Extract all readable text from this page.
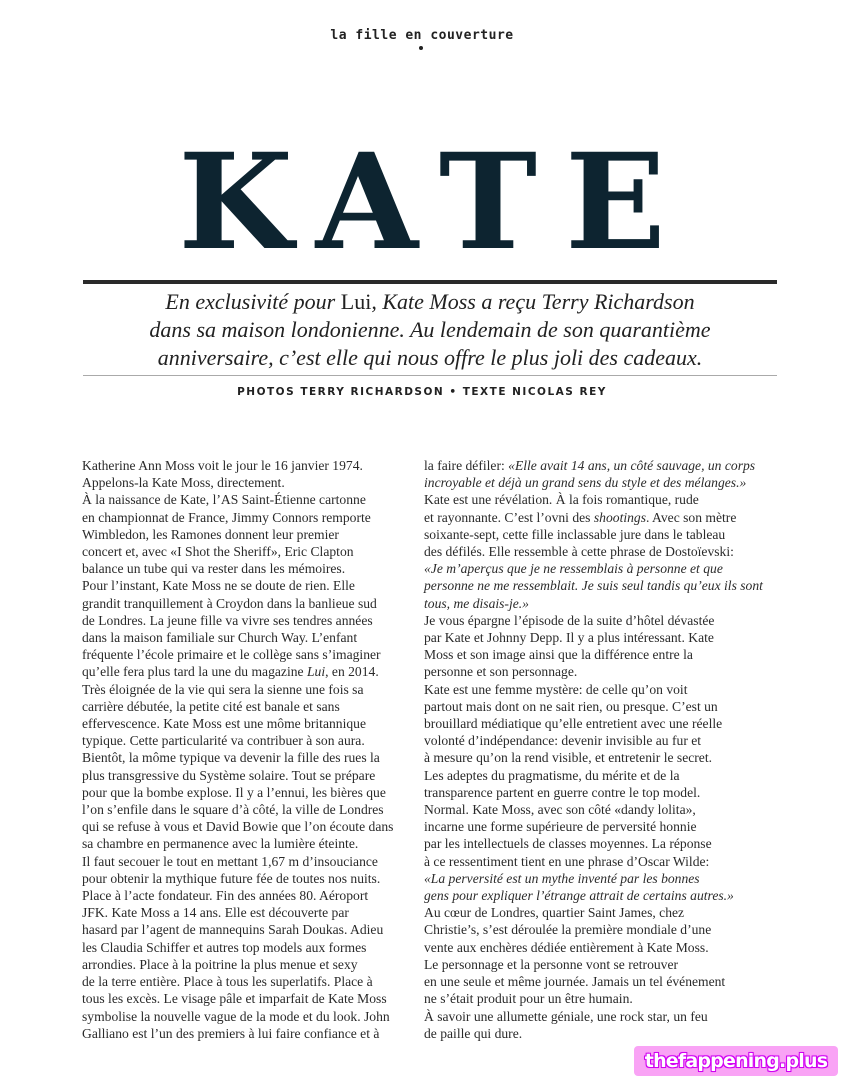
la fille en couverture
KATE
En exclusivité pour Lui, Kate Moss a reçu Terry Richardson
dans sa maison londonienne. Au lendemain de son quarantième
anniversaire, c’est elle qui nous offre le plus joli des cadeaux.
PHOTOS TERRY RICHARDSON • TEXTE NICOLAS REY
Katherine Ann Moss voit le jour le 16 janvier 1974.
Appelons-la Kate Moss, directement.
À la naissance de Kate, l’AS Saint-Étienne cartonne
en championnat de France, Jimmy Connors remporte
Wimbledon, les Ramones donnent leur premier
concert et, avec «I Shot the Sheriff», Eric Clapton
balance un tube qui va rester dans les mémoires.
Pour l’instant, Kate Moss ne se doute de rien. Elle
grandit tranquillement à Croydon dans la banlieue sud
de Londres. La jeune fille va vivre ses tendres années
dans la maison familiale sur Church Way. L’enfant
fréquente l’école primaire et le collège sans s’imaginer
qu’elle fera plus tard la une du magazine Lui, en 2014.
Très éloignée de la vie qui sera la sienne une fois sa
carrière débutée, la petite cité est banale et sans
effervescence. Kate Moss est une môme britannique
typique. Cette particularité va contribuer à son aura.
Bientôt, la môme typique va devenir la fille des rues la
plus transgressive du Système solaire. Tout se prépare
pour que la bombe explose. Il y a l’ennui, les bières que
l’on s’enfile dans le square d’à côté, la ville de Londres
qui se refuse à vous et David Bowie que l’on écoute dans
sa chambre en permanence avec la lumière éteinte.
Il faut secouer le tout en mettant 1,67 m d’insouciance
pour obtenir la mythique future fée de toutes nos nuits.
Place à l’acte fondateur. Fin des années 80. Aéroport
JFK. Kate Moss a 14 ans. Elle est découverte par
hasard par l’agent de mannequins Sarah Doukas. Adieu
les Claudia Schiffer et autres top models aux formes
arrondies. Place à la poitrine la plus menue et sexy
de la terre entière. Place à tous les superlatifs. Place à
tous les excès. Le visage pâle et imparfait de Kate Moss
symbolise la nouvelle vague de la mode et du look. John
Galliano est l’un des premiers à lui faire confiance et à
la faire défiler: «Elle avait 14 ans, un côté sauvage, un corps
incroyable et déjà un grand sens du style et des mélanges.»
Kate est une révélation. À la fois romantique, rude
et rayonnante. C’est l’ovni des shootings. Avec son mètre
soixante-sept, cette fille inclassable jure dans le tableau
des défilés. Elle ressemble à cette phrase de Dostoïevski:
«Je m’aperçus que je ne ressemblais à personne et que
personne ne me ressemblait. Je suis seul tandis qu’eux ils sont
tous, me disais-je.»
Je vous épargne l’épisode de la suite d’hôtel dévastée
par Kate et Johnny Depp. Il y a plus intéressant. Kate
Moss et son image ainsi que la différence entre la
personne et son personnage.
Kate est une femme mystère: de celle qu’on voit
partout mais dont on ne sait rien, ou presque. C’est un
brouillard médiatique qu’elle entretient avec une réelle
volonté d’indépendance: devenir invisible au fur et
à mesure qu’on la rend visible, et entretenir le secret.
Les adeptes du pragmatisme, du mérite et de la
transparence partent en guerre contre le top model.
Normal. Kate Moss, avec son côté «dandy lolita»,
incarne une forme supérieure de perversité honnie
par les intellectuels de classes moyennes. La réponse
à ce ressentiment tient en une phrase d’Oscar Wilde:
«La perversité est un mythe inventé par les bonnes
gens pour expliquer l’étrange attrait de certains autres.»
Au cœur de Londres, quartier Saint James, chez
Christie’s, s’est déroulée la première mondiale d’une
vente aux enchères dédiée entièrement à Kate Moss.
Le personnage et la personne vont se retrouver
en une seule et même journée. Jamais un tel événement
ne s’était produit pour un être humain.
À savoir une allumette géniale, une rock star, un feu
de paille qui dure.
thefappening.plus
